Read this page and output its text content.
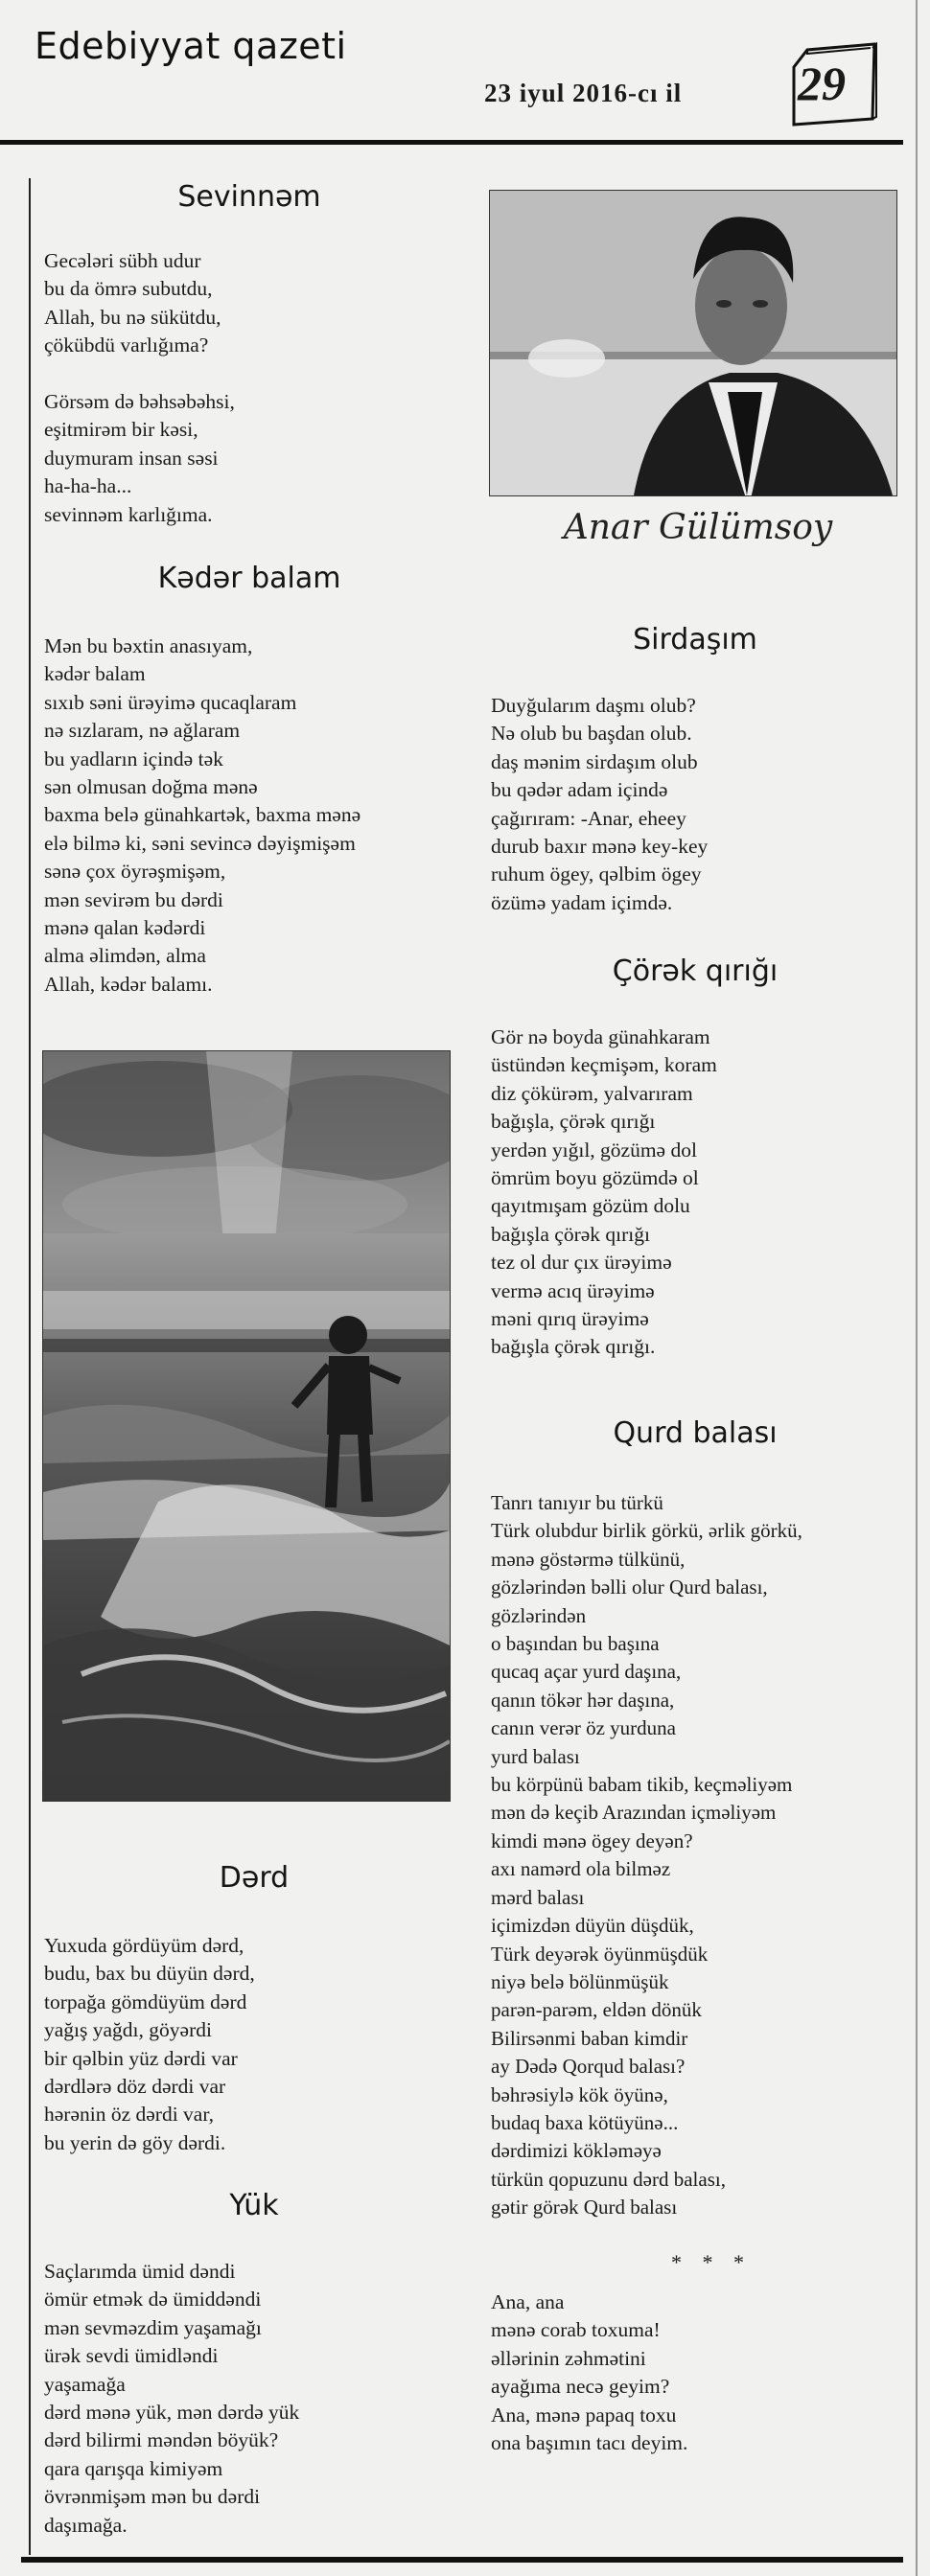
Edebiyyat qazeti
23 iyul 2016-cı il 29
Sevinnəm

Gecələri sübh udur
bu da ömrə subutdu,
Allah, bu nə sükütdu,
çökübdü varlığıma?

Görsəm də bəhsəbəhsi,
eşitmirəm bir kəsi,
duymuram insan səsi
ha-ha-ha...
sevinnəm karlığıma.

Kədər balam

Mən bu bəxtin anasıyam,
kədər balam
sıxıb səni ürəyimə qucaqlaram
nə sızlaram, nə ağlaram
bu yadların içində tək
sən olmusan doğma mənə
baxma belə günahkartək, baxma mənə
elə bilmə ki, səni sevincə dəyişmişəm
sənə çox öyrəşmişəm,
mən sevirəm bu dərdi
mənə qalan kədərdi
alma əlimdən, alma
Allah, kədər balamı.

Dərd

Yuxuda gördüyüm dərd,
budu, bax bu düyün dərd,
torpağa gömdüyüm dərd
yağış yağdı, göyərdi
bir qəlbin yüz dərdi var
dərdlərə döz dərdi var
hərənin öz dərdi var,
bu yerin də göy dərdi.

Yük

Saçlarımda ümid dəndi
ömür etmək də ümiddəndi
mən sevməzdim yaşamağı
ürək sevdi ümidləndi
yaşamağa
dərd mənə yük, mən dərdə yük
dərd bilirmi məndən böyük?
qara qarışqa kimiyəm
övrənmişəm mən bu dərdi
daşımağa.

Anar Gülümsoy
Sirdaşım

Duyğularım daşmı olub?
Nə olub bu başdan olub.
daş mənim sirdaşım olub
bu qədər adam içində
çağırıram: -Anar, eheey
durub baxır mənə key-key
ruhum ögey, qəlbim ögey
özümə yadam içimdə.

Çörək qırığı

Gör nə boyda günahkaram
üstündən keçmişəm, koram
diz çökürəm, yalvarıram
bağışla, çörək qırığı
yerdən yığıl, gözümə dol
ömrüm boyu gözümdə ol
qayıtmışam gözüm dolu
bağışla çörək qırığı
tez ol dur çıx ürəyimə
vermə acıq ürəyimə
məni qırıq ürəyimə
bağışla çörək qırığı.

Qurd balası

Tanrı tanıyır bu türkü
Türk olubdur birlik görkü, ərlik görkü,
mənə göstərmə tülkünü,
gözlərindən bəlli olur Qurd balası,
gözlərindən
o başından bu başına
qucaq açar yurd daşına,
qanın tökər hər daşına,
canın verər öz yurduna
yurd balası
bu körpünü babam tikib, keçməliyəm
mən də keçib Arazından içməliyəm
kimdi mənə ögey deyən?
axı namərd ola bilməz
mərd balası
içimizdən düyün düşdük,
Türk deyərək öyünmüşdük
niyə belə bölünmüşük
parən-parəm, eldən dönük
Bilirsənmi baban kimdir
ay Dədə Qorqud balası?
bəhrəsiylə kök öyünə,
budaq baxa kötüyünə...
dərdimizi kökləməyə
türkün qopuzunu dərd balası,
gətir görək Qurd balası

* * *

Ana, ana
mənə corab toxuma!
əllərinin zəhmətini
ayağıma necə geyim?
Ana, mənə papaq toxu
ona başımın tacı deyim.
